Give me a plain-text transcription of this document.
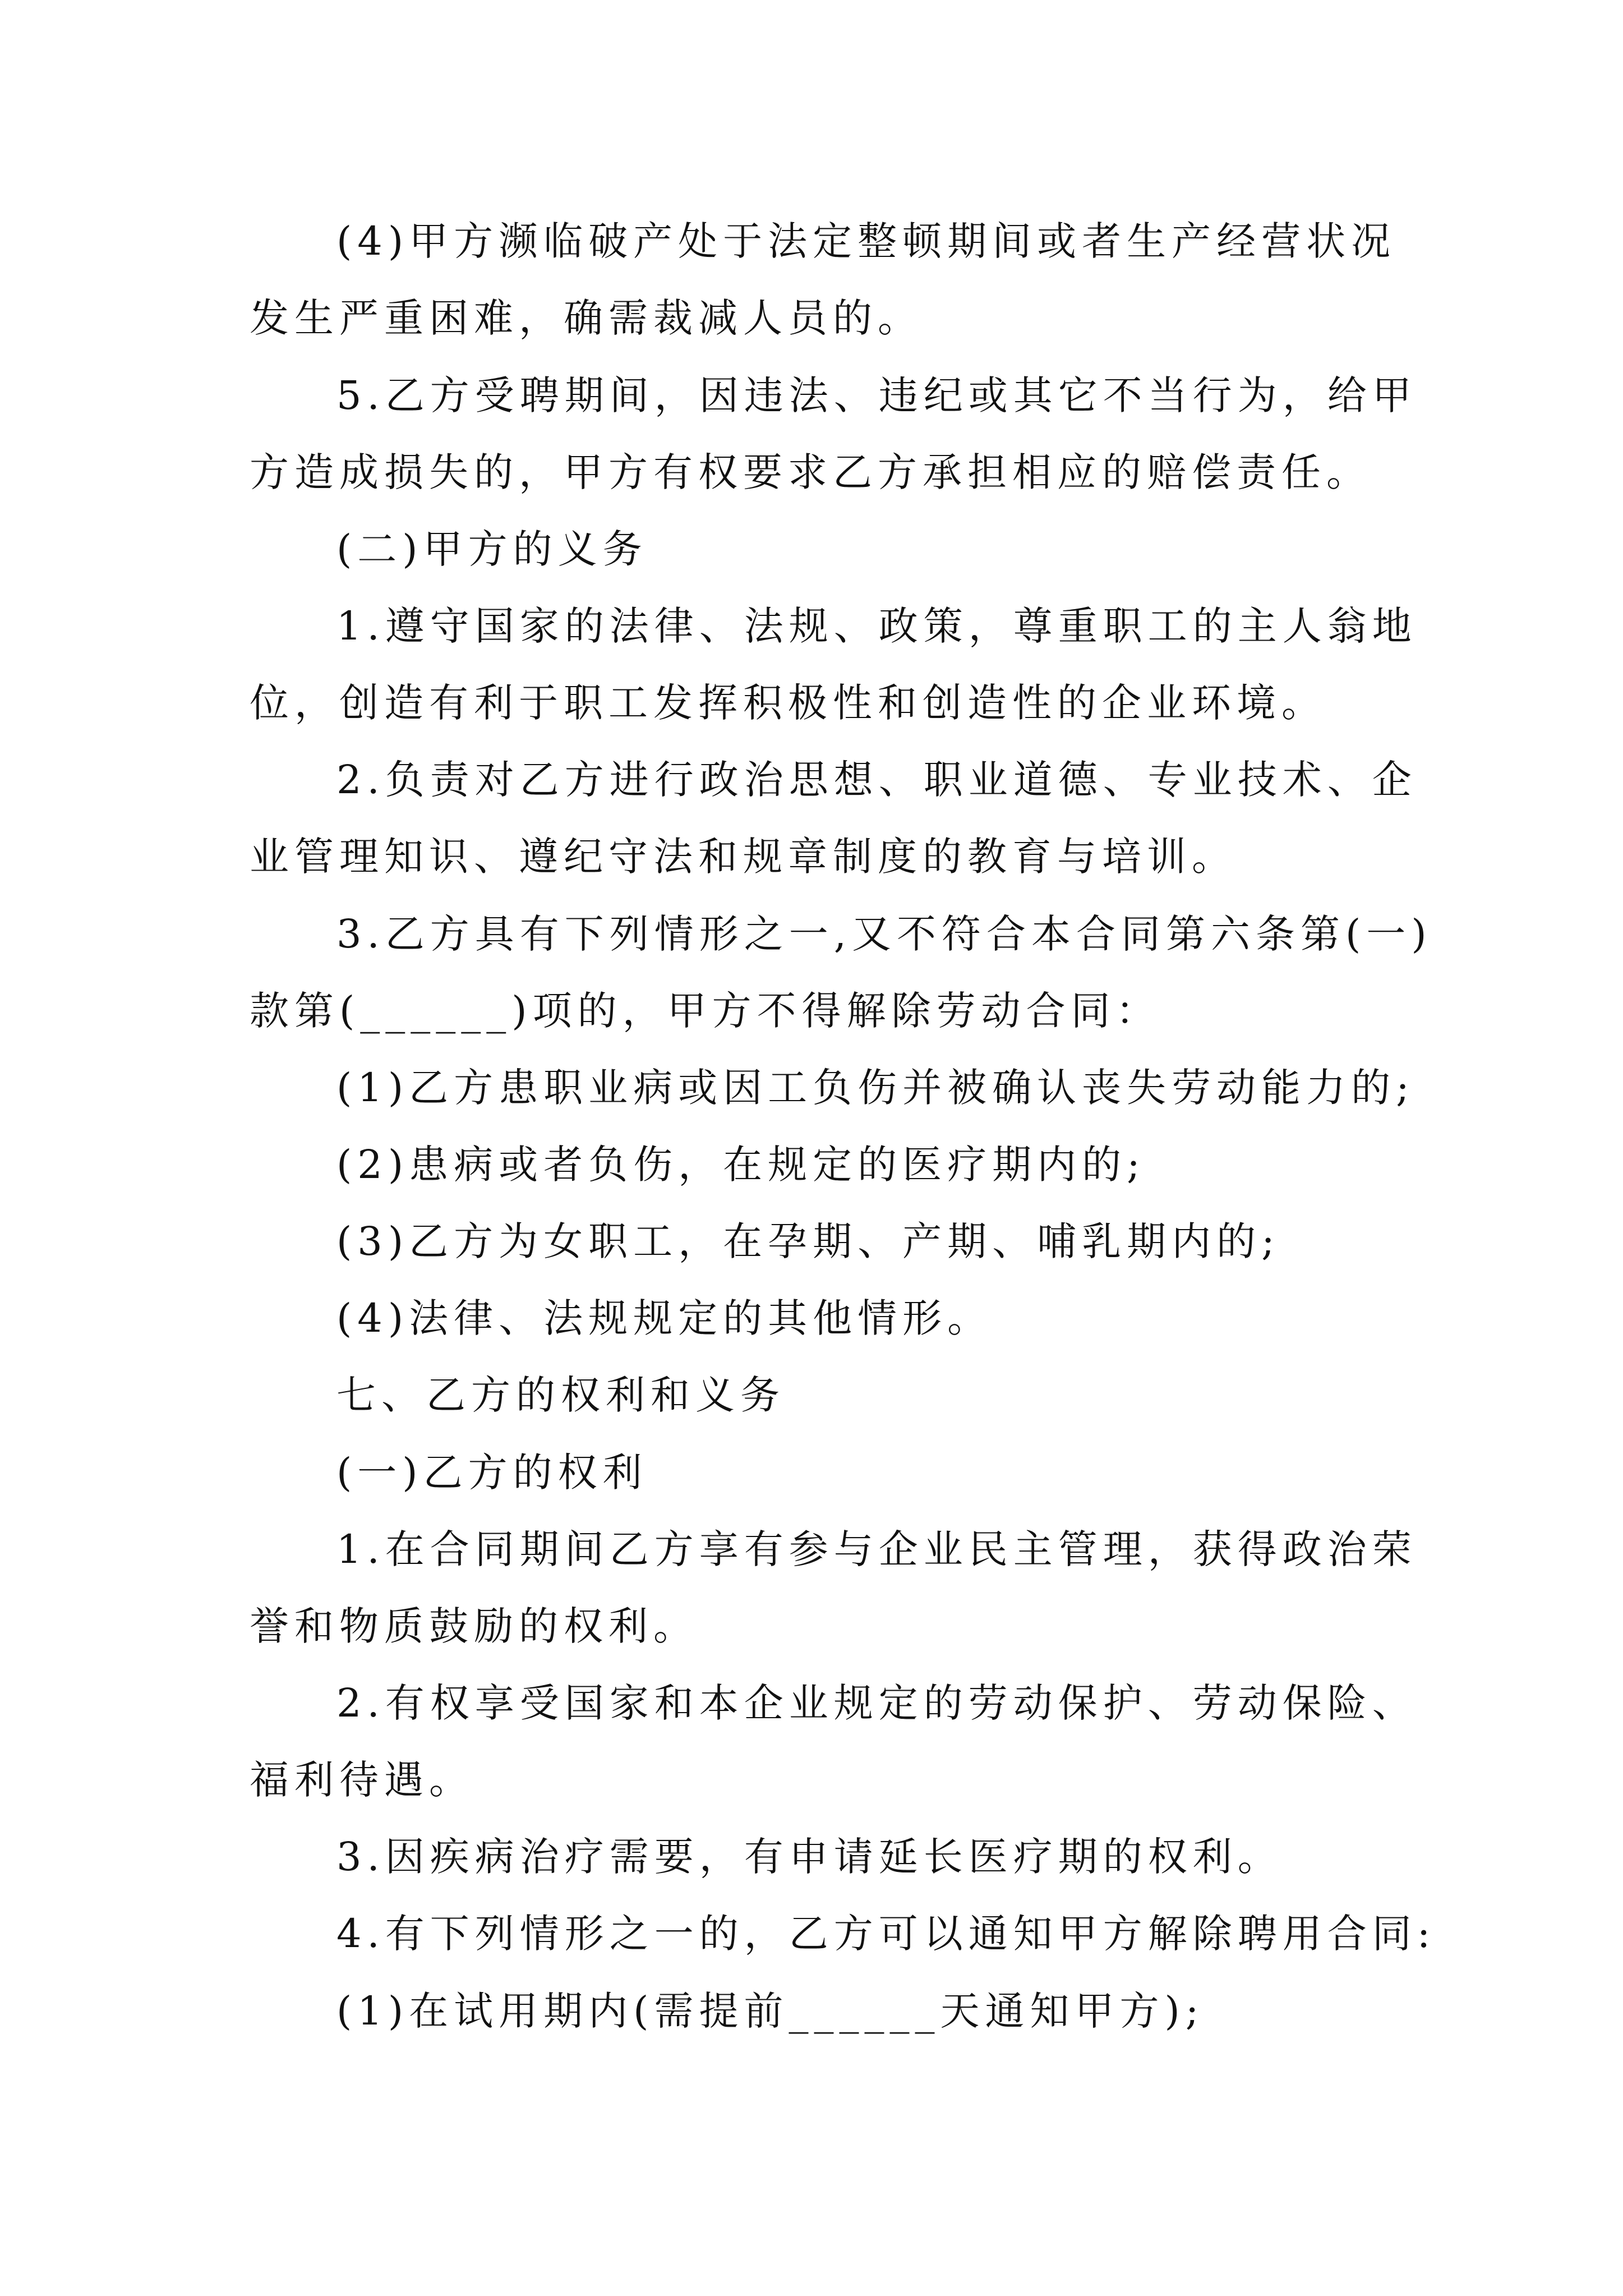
(4)甲方濒临破产处于法定整顿期间或者生产经营状况
发生严重困难，确需裁减人员的。
5.乙方受聘期间，因违法、违纪或其它不当行为，给甲
方造成损失的，甲方有权要求乙方承担相应的赔偿责任。
(二)甲方的义务
1.遵守国家的法律、法规、政策，尊重职工的主人翁地
位，创造有利于职工发挥积极性和创造性的企业环境。
2.负责对乙方进行政治思想、职业道德、专业技术、企
业管理知识、遵纪守法和规章制度的教育与培训。
3.乙方具有下列情形之一,又不符合本合同第六条第(一)
款第(______)项的，甲方不得解除劳动合同：
(1)乙方患职业病或因工负伤并被确认丧失劳动能力的;
(2)患病或者负伤，在规定的医疗期内的;
(3)乙方为女职工，在孕期、产期、哺乳期内的;
(4)法律、法规规定的其他情形。
七、乙方的权利和义务
(一)乙方的权利
1.在合同期间乙方享有参与企业民主管理，获得政治荣
誉和物质鼓励的权利。
2.有权享受国家和本企业规定的劳动保护、劳动保险、
福利待遇。
3.因疾病治疗需要，有申请延长医疗期的权利。
4.有下列情形之一的，乙方可以通知甲方解除聘用合同:
(1)在试用期内(需提前______天通知甲方);
